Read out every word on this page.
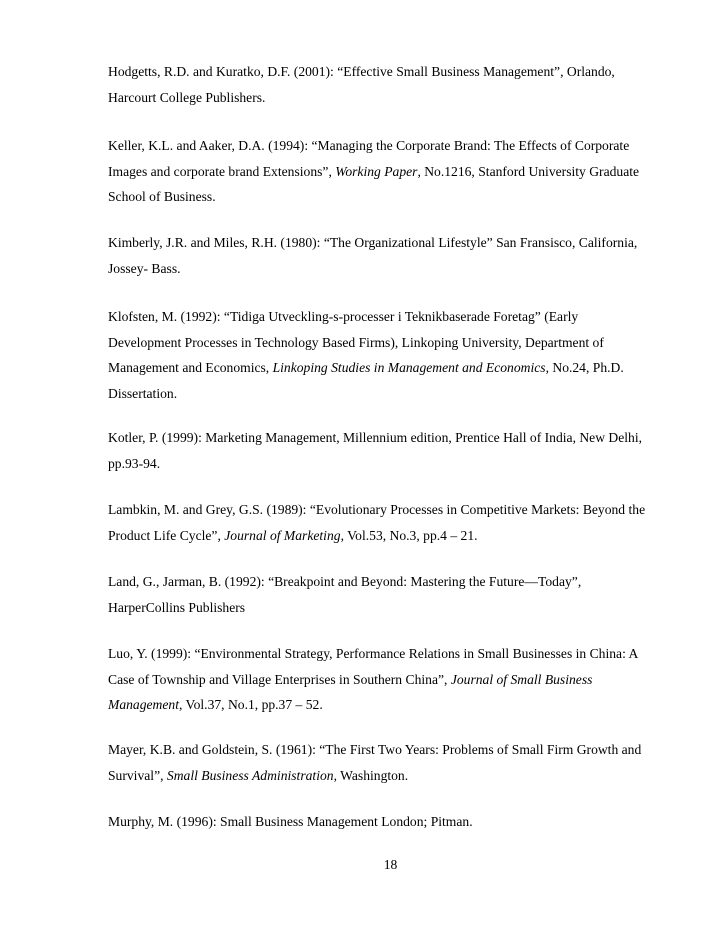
Hodgetts, R.D. and Kuratko, D.F. (2001): “Effective Small Business Management”, Orlando,
Harcourt College Publishers.

Keller, K.L. and Aaker, D.A. (1994): “Managing the Corporate Brand: The Effects of Corporate
Images and corporate brand Extensions”, Working Paper, No.1216, Stanford University Graduate
School of Business.

Kimberly, J.R. and Miles, R.H. (1980): “The Organizational Lifestyle” San Fransisco, California,
Jossey- Bass.

Klofsten, M. (1992): “Tidiga Utveckling-s-processer i Teknikbaserade Foretag” (Early
Development Processes in Technology Based Firms), Linkoping University, Department of
Management and Economics, Linkoping Studies in Management and Economics, No.24, Ph.D.
Dissertation.

Kotler, P. (1999): Marketing Management, Millennium edition, Prentice Hall of India, New Delhi,
pp.93-94.

Lambkin, M. and Grey, G.S. (1989): “Evolutionary Processes in Competitive Markets: Beyond the
Product Life Cycle”, Journal of Marketing, Vol.53, No.3, pp.4 – 21.

Land, G., Jarman, B. (1992): “Breakpoint and Beyond: Mastering the Future—Today”,
HarperCollins Publishers

Luo, Y. (1999): “Environmental Strategy, Performance Relations in Small Businesses in China: A
Case of Township and Village Enterprises in Southern China”, Journal of Small Business
Management, Vol.37, No.1, pp.37 – 52.

Mayer, K.B. and Goldstein, S. (1961): “The First Two Years: Problems of Small Firm Growth and
Survival”, Small Business Administration, Washington.

Murphy, M. (1996): Small Business Management London; Pitman.

18
